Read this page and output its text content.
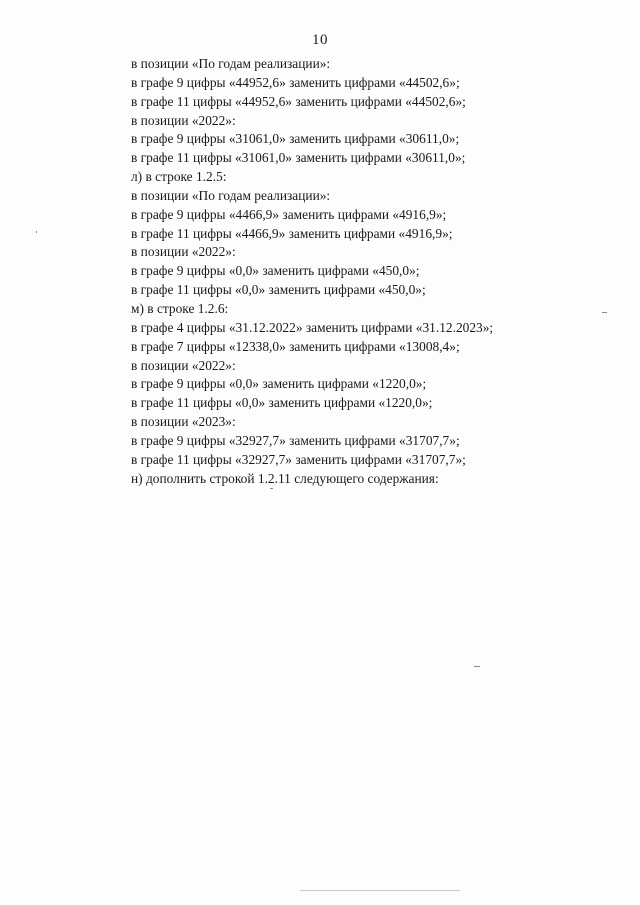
10
в позиции «По годам реализации»:
в графе 9 цифры «44952,6» заменить цифрами «44502,6»;
в графе 11 цифры «44952,6» заменить цифрами «44502,6»;
в позиции «2022»:
в графе 9 цифры «31061,0» заменить цифрами «30611,0»;
в графе 11 цифры «31061,0» заменить цифрами «30611,0»;
л) в строке 1.2.5:
в позиции «По годам реализации»:
в графе 9 цифры «4466,9» заменить цифрами «4916,9»;
в графе 11 цифры «4466,9» заменить цифрами «4916,9»;
в позиции «2022»:
в графе 9 цифры «0,0» заменить цифрами «450,0»;
в графе 11 цифры «0,0» заменить цифрами «450,0»;
м) в строке 1.2.6:
в графе 4 цифры «31.12.2022» заменить цифрами «31.12.2023»;
в графе 7 цифры «12338,0» заменить цифрами «13008,4»;
в позиции «2022»:
в графе 9 цифры «0,0» заменить цифрами «1220,0»;
в графе 11 цифры «0,0» заменить цифрами «1220,0»;
в позиции «2023»:
в графе 9 цифры «32927,7» заменить цифрами «31707,7»;
в графе 11 цифры «32927,7» заменить цифрами «31707,7»;
н) дополнить строкой 1.2.11 следующего содержания:
